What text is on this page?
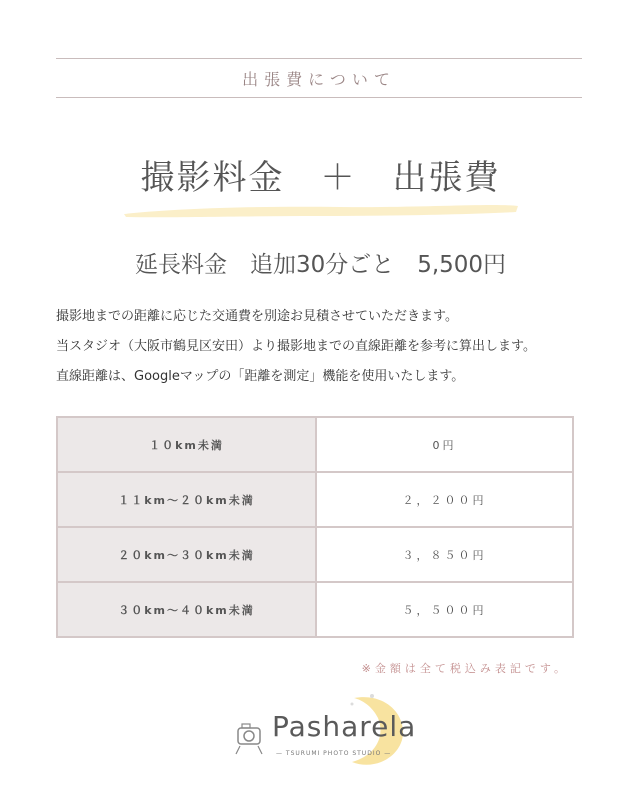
出張費について
撮影料金　＋　出張費
延長料金　追加30分ごと　5,500円

撮影地までの距離に応じた交通費を別途お見積させていただきます。

当スタジオ（大阪市鶴見区安田）より撮影地までの直線距離を参考に算出します。

直線距離は、Googleマップの「距離を測定」機能を使用いたします。

１０km未満	0円
１１km〜２０km未満	２，２００円
２０km〜３０km未満	３，８５０円
３０km〜４０km未満	５，５００円
※金額は全て税込み表記です。
Pasharela
— TSURUMI PHOTO STUDIO —
